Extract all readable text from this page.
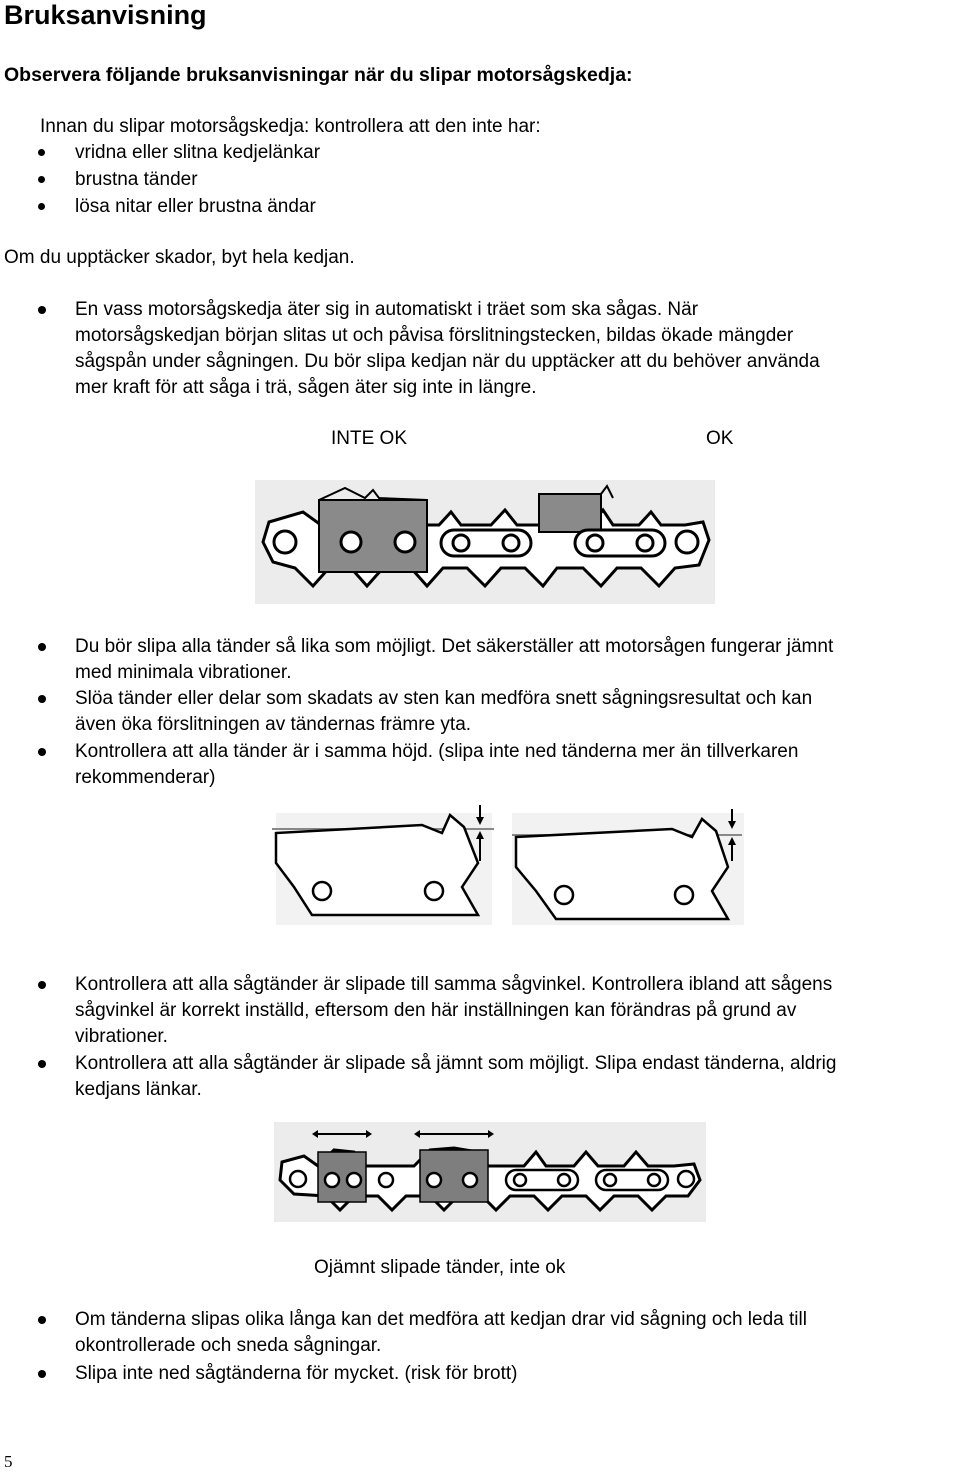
Bruksanvisning
Observera följande bruksanvisningar när du slipar motorsågskedja:
Innan du slipar motorsågskedja: kontrollera att den inte har:
vridna eller slitna kedjelänkar
brustna tänder
lösa nitar eller brustna ändar
Om du upptäcker skador, byt hela kedjan.
En vass motorsågskedja äter sig in automatiskt i träet som ska sågas. När
motorsågskedjan början slitas ut och påvisa förslitningstecken, bildas ökade mängder
sågspån under sågningen. Du bör slipa kedjan när du upptäcker att du behöver använda
mer kraft för att såga i trä, sågen äter sig inte in längre.
INTE OK	OK
Du bör slipa alla tänder så lika som möjligt. Det säkerställer att motorsågen fungerar jämnt
med minimala vibrationer.
Slöa tänder eller delar som skadats av sten kan medföra snett sågningsresultat och kan
även öka förslitningen av tändernas främre yta.
Kontrollera att alla tänder är i samma höjd. (slipa inte ned tänderna mer än tillverkaren
rekommenderar)
Kontrollera att alla sågtänder är slipade till samma sågvinkel. Kontrollera ibland att sågens
sågvinkel är korrekt inställd, eftersom den här inställningen kan förändras på grund av
vibrationer.
Kontrollera att alla sågtänder är slipade så jämnt som möjligt. Slipa endast tänderna, aldrig
kedjans länkar.
Ojämnt slipade tänder, inte ok
Om tänderna slipas olika långa kan det medföra att kedjan drar vid sågning och leda till
okontrollerade och sneda sågningar.
Slipa inte ned sågtänderna för mycket. (risk för brott)
5
